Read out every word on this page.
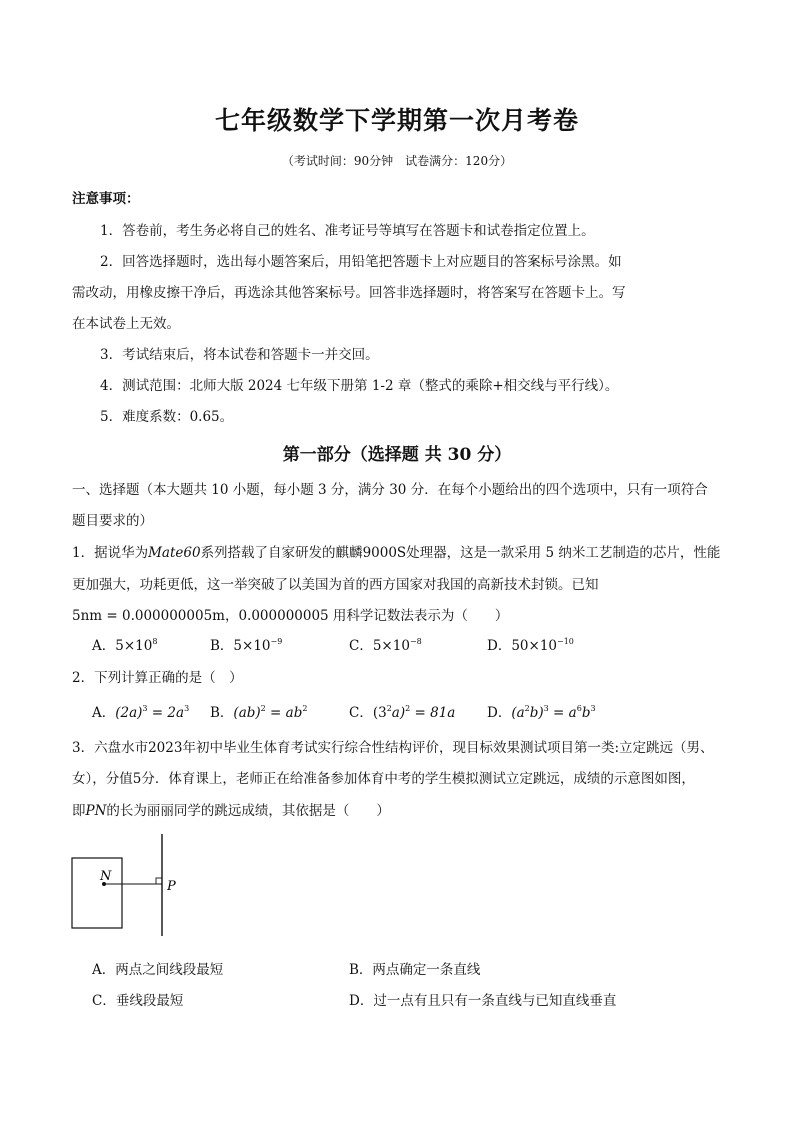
七年级数学下学期第一次月考卷
（考试时间：90分钟　试卷满分：120分）
注意事项：
1．答卷前，考生务必将自己的姓名、准考证号等填写在答题卡和试卷指定位置上。
2．回答选择题时，选出每小题答案后，用铅笔把答题卡上对应题目的答案标号涂黑。如
需改动，用橡皮擦干净后，再选涂其他答案标号。回答非选择题时，将答案写在答题卡上。写
在本试卷上无效。
3．考试结束后，将本试卷和答题卡一并交回。
4．测试范围：北师大版 2024 七年级下册第 1-2 章（整式的乘除+相交线与平行线）。
5．难度系数：0.65。
第一部分（选择题 共 30 分）
一、选择题（本大题共 10 小题，每小题 3 分，满分 30 分．在每个小题给出的四个选项中，只有一项符合
题目要求的）
1．据说华为Mate60系列搭载了自家研发的麒麟9000S处理器，这是一款采用 5 纳米工艺制造的芯片，性能
更加强大，功耗更低，这一举突破了以美国为首的西方国家对我国的高新技术封锁。已知
5nm = 0.000000005m，0.000000005 用科学记数法表示为（　　）
A．$5\times 10^8$	B．$5\times 10^{-9}$	C．$5\times 10^{-8}$	D．$50\times 10^{-10}$
2．下列计算正确的是（　）
A．$(2a)^3 = 2a^3$ B．$(ab)^2 = ab^2$	C．$(3^2a)^2 = 81a$ D．$(a^2b)^3 = a^6b^3$
3．六盘水市2023年初中毕业生体育考试实行综合性结构评价，现目标效果测试项目第一类:立定跳远（男、
女），分值5分．体育课上，老师正在给准备参加体育中考的学生模拟测试立定跳远，成绩的示意图如图，
即PN的长为丽丽同学的跳远成绩，其依据是（　　）
N
P
A．两点之间线段最短	B．两点确定一条直线
C．垂线段最短	D．过一点有且只有一条直线与已知直线垂直
